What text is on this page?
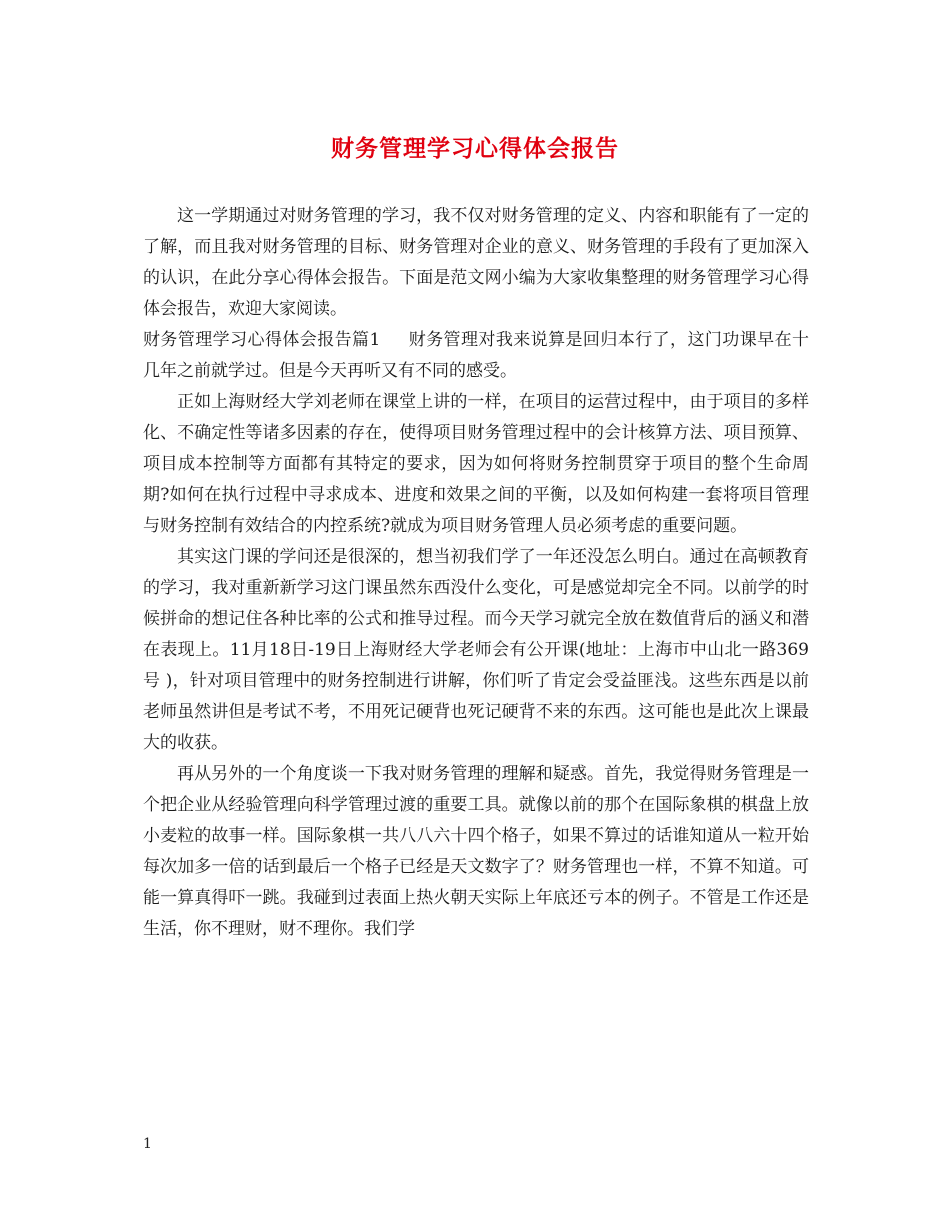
财务管理学习心得体会报告

这一学期通过对财务管理的学习，我不仅对财务管理的定义、内容和职能有了一定的了解，而且我对财务管理的目标、财务管理对企业的意义、财务管理的手段有了更加深入的认识，在此分享心得体会报告。下面是范文网小编为大家收集整理的财务管理学习心得体会报告，欢迎大家阅读。

财务管理学习心得体会报告篇1 财务管理对我来说算是回归本行了，这门功课早在十几年之前就学过。但是今天再听又有不同的感受。

正如上海财经大学刘老师在课堂上讲的一样，在项目的运营过程中，由于项目的多样化、不确定性等诸多因素的存在，使得项目财务管理过程中的会计核算方法、项目预算、项目成本控制等方面都有其特定的要求，因为如何将财务控制贯穿于项目的整个生命周期?如何在执行过程中寻求成本、进度和效果之间的平衡，以及如何构建一套将项目管理与财务控制有效结合的内控系统?就成为项目财务管理人员必须考虑的重要问题。

其实这门课的学问还是很深的，想当初我们学了一年还没怎么明白。通过在高顿教育的学习，我对重新新学习这门课虽然东西没什么变化，可是感觉却完全不同。以前学的时候拼命的想记住各种比率的公式和推导过程。而今天学习就完全放在数值背后的涵义和潜在表现上。11月18日-19日上海财经大学老师会有公开课(地址：上海市中山北一路369号 )，针对项目管理中的财务控制进行讲解，你们听了肯定会受益匪浅。这些东西是以前老师虽然讲但是考试不考，不用死记硬背也死记硬背不来的东西。这可能也是此次上课最大的收获。

再从另外的一个角度谈一下我对财务管理的理解和疑惑。首先，我觉得财务管理是一个把企业从经验管理向科学管理过渡的重要工具。就像以前的那个在国际象棋的棋盘上放小麦粒的故事一样。国际象棋一共八八六十四个格子，如果不算过的话谁知道从一粒开始每次加多一倍的话到最后一个格子已经是天文数字了？财务管理也一样，不算不知道。可能一算真得吓一跳。我碰到过表面上热火朝天实际上年底还亏本的例子。不管是工作还是生活，你不理财，财不理你。我们学

1
